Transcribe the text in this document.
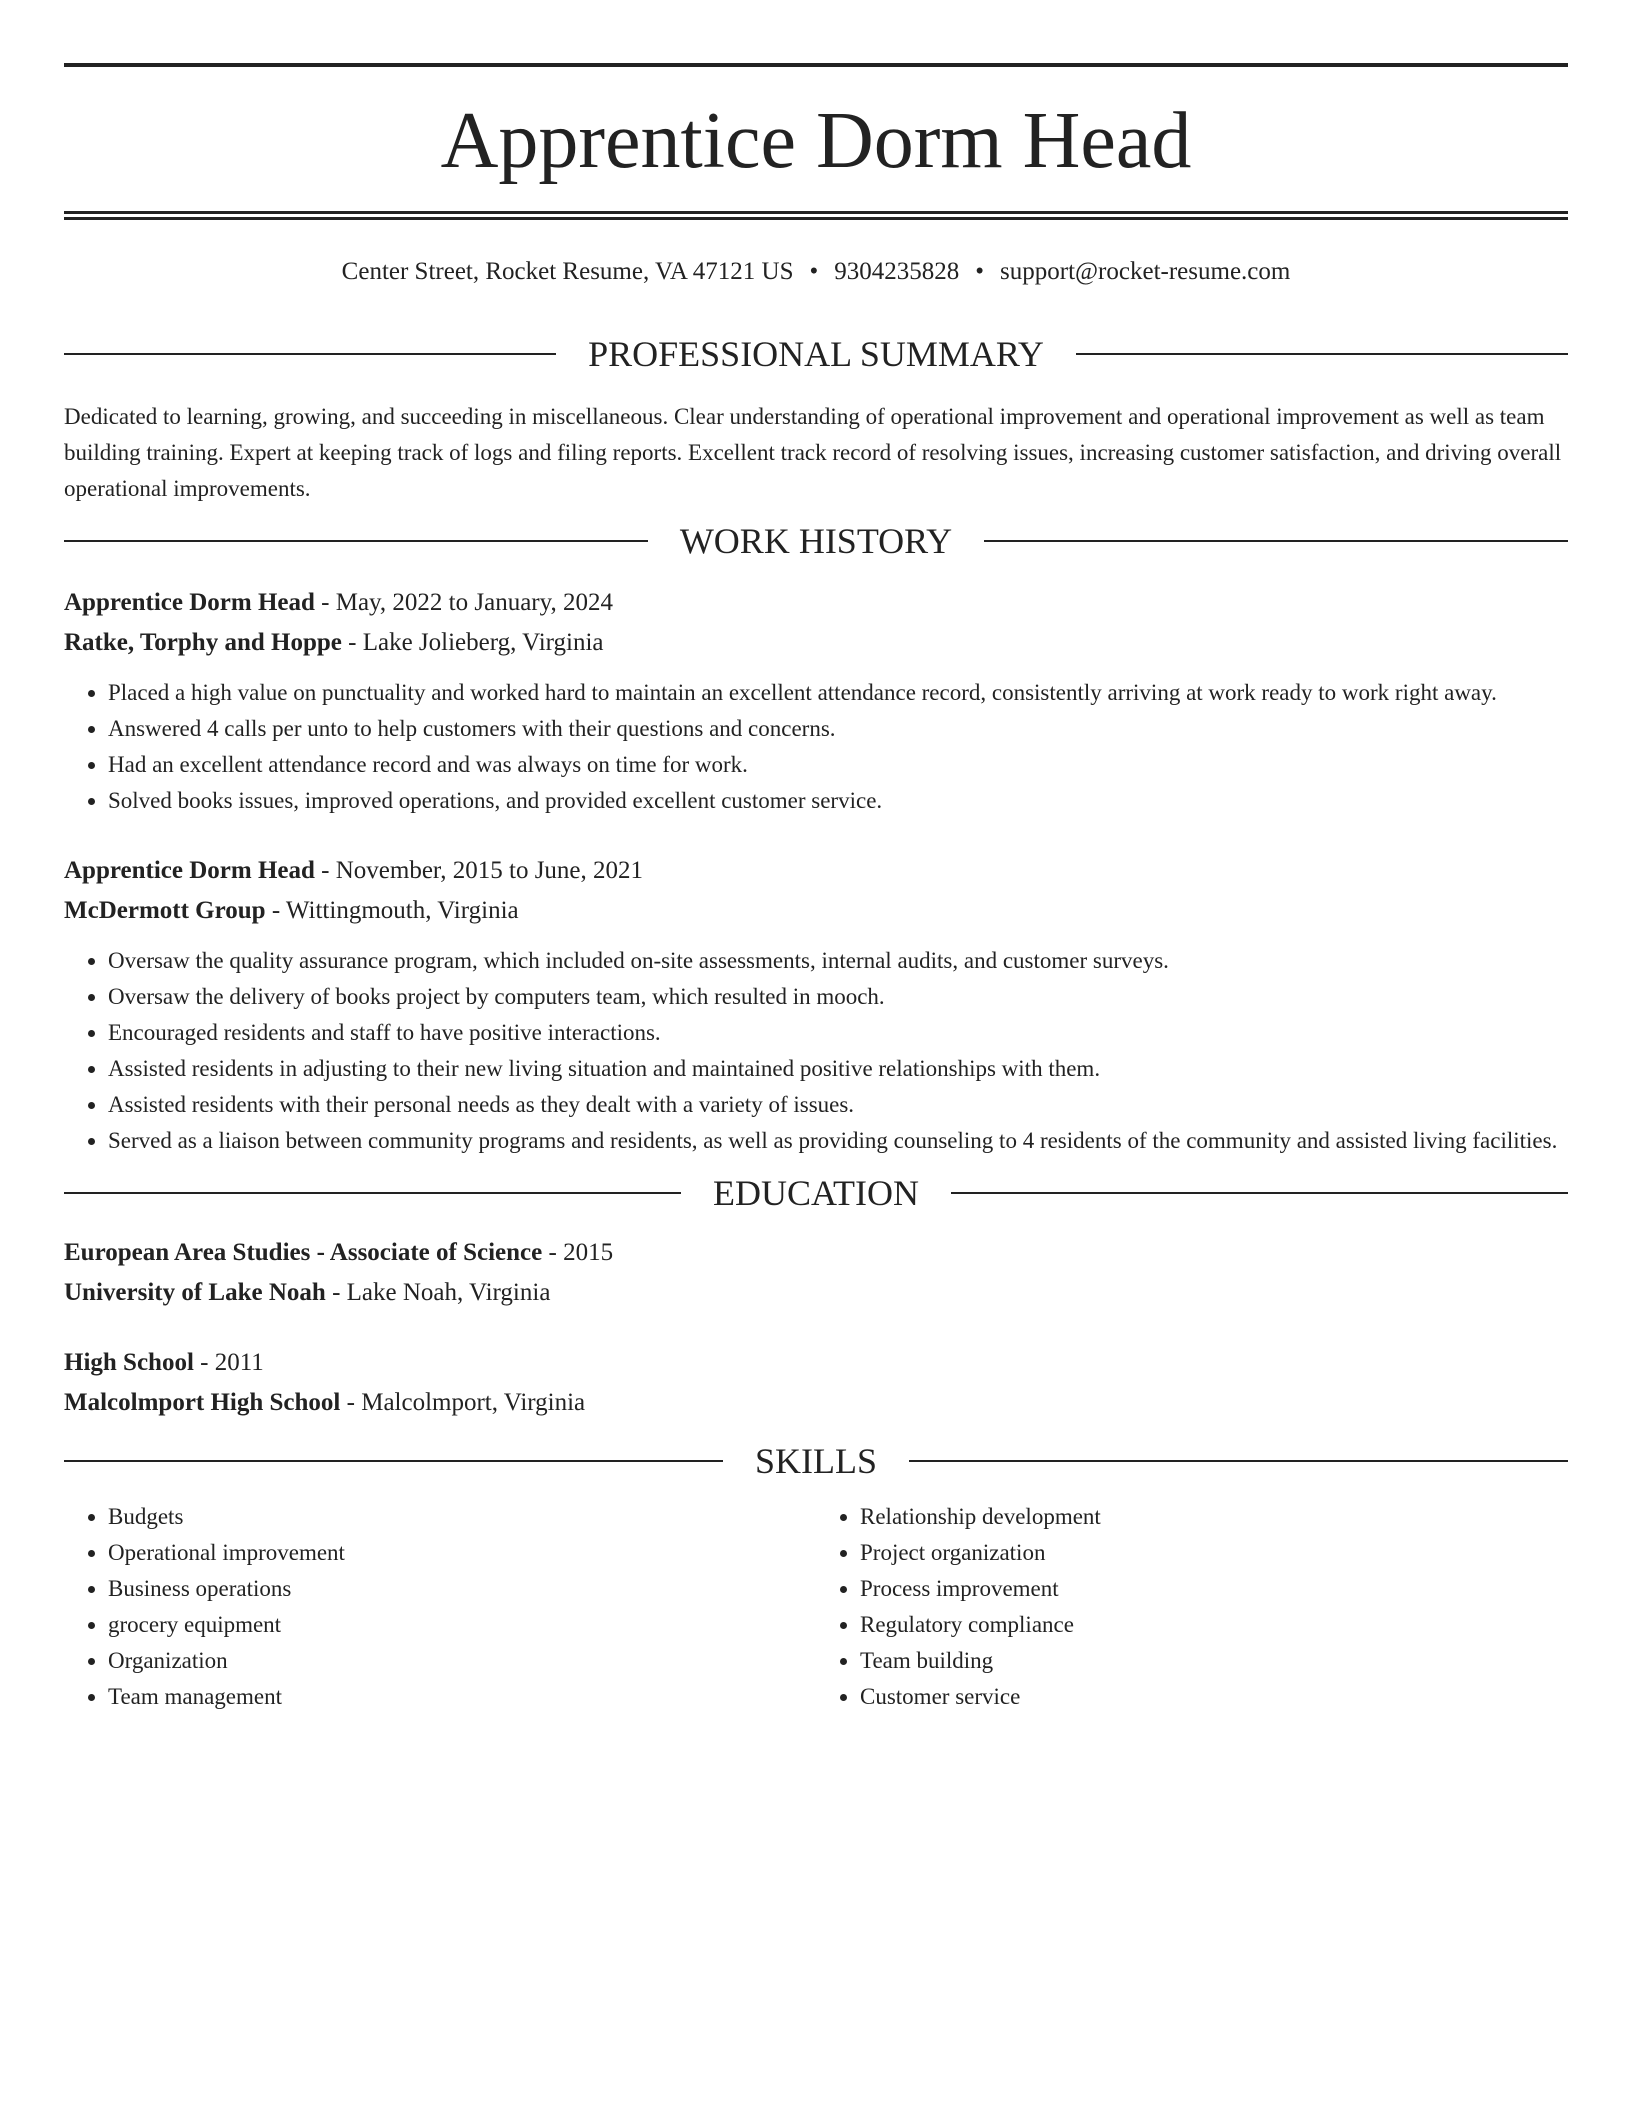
Apprentice Dorm Head
Center Street, Rocket Resume, VA 47121 US • 9304235828 • support@rocket-resume.com
PROFESSIONAL SUMMARY
Dedicated to learning, growing, and succeeding in miscellaneous. Clear understanding of operational improvement and operational improvement as well as team building training. Expert at keeping track of logs and filing reports. Excellent track record of resolving issues, increasing customer satisfaction, and driving overall operational improvements.
WORK HISTORY
Apprentice Dorm Head - May, 2022 to January, 2024
Ratke, Torphy and Hoppe - Lake Jolieberg, Virginia
• Placed a high value on punctuality and worked hard to maintain an excellent attendance record, consistently arriving at work ready to work right away.
• Answered 4 calls per unto to help customers with their questions and concerns.
• Had an excellent attendance record and was always on time for work.
• Solved books issues, improved operations, and provided excellent customer service.
Apprentice Dorm Head - November, 2015 to June, 2021
McDermott Group - Wittingmouth, Virginia
• Oversaw the quality assurance program, which included on-site assessments, internal audits, and customer surveys.
• Oversaw the delivery of books project by computers team, which resulted in mooch.
• Encouraged residents and staff to have positive interactions.
• Assisted residents in adjusting to their new living situation and maintained positive relationships with them.
• Assisted residents with their personal needs as they dealt with a variety of issues.
• Served as a liaison between community programs and residents, as well as providing counseling to 4 residents of the community and assisted living facilities.
EDUCATION
European Area Studies - Associate of Science - 2015
University of Lake Noah - Lake Noah, Virginia
High School - 2011
Malcolmport High School - Malcolmport, Virginia
SKILLS
• Budgets
• Operational improvement
• Business operations
• grocery equipment
• Organization
• Team management
• Relationship development
• Project organization
• Process improvement
• Regulatory compliance
• Team building
• Customer service
